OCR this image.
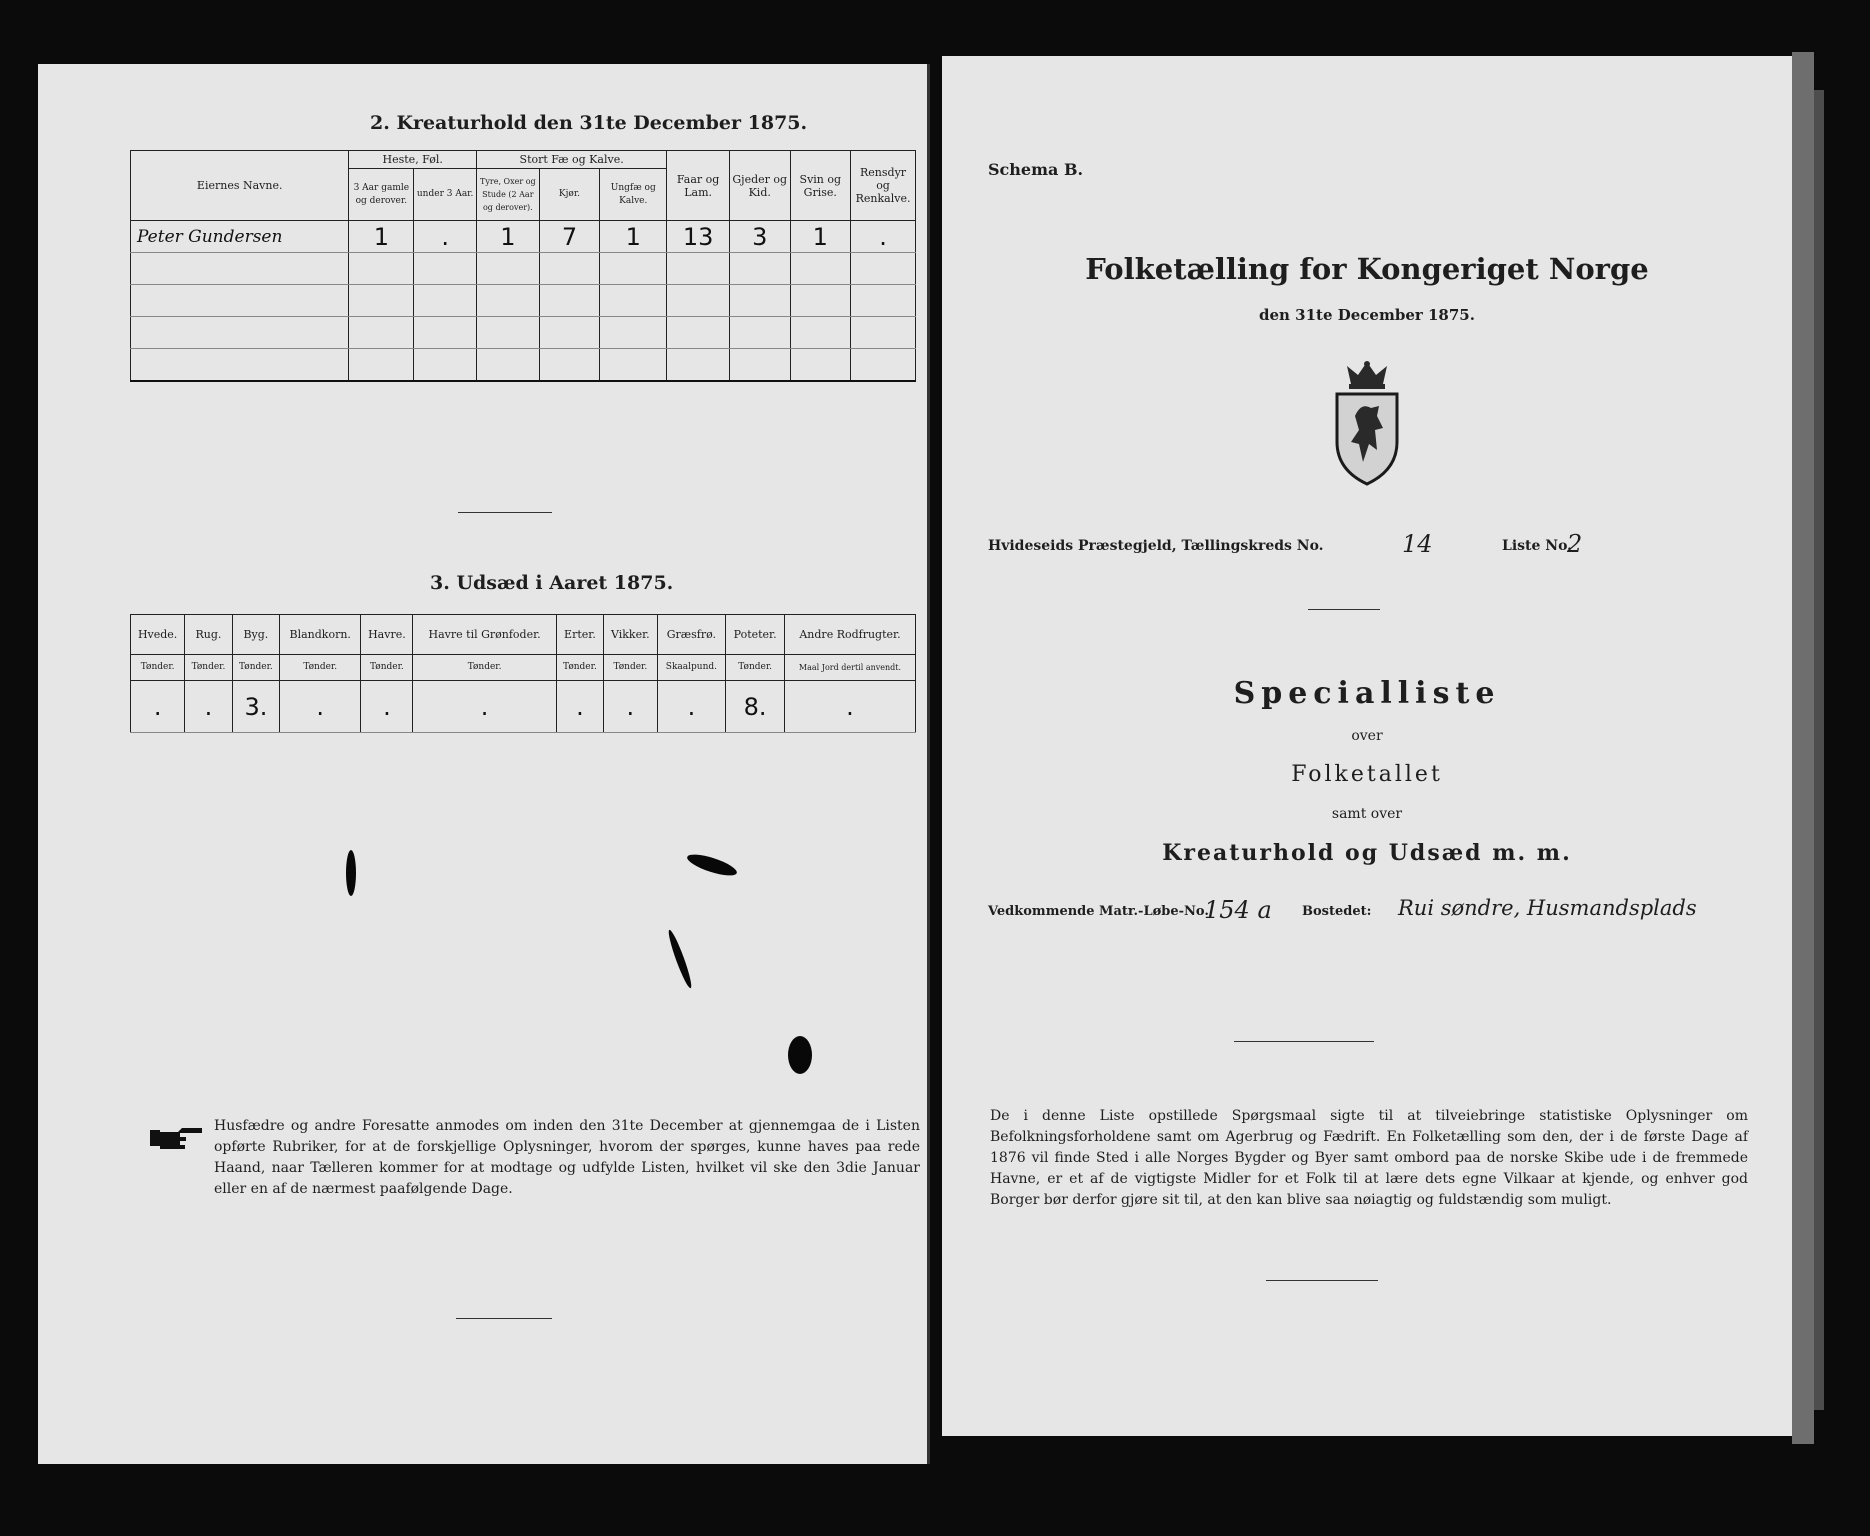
2. Kreaturhold den 31te December 1875.
Eiernes Navne.	Heste, Føl.		Stort Fæ og Kalve.			Faar og Lam.	Gjeder og Kid.	Svin og Grise.	Rensdyr og Renkalve.
	3 Aar gamle og derover.	under 3 Aar.	Tyre, Oxer og Stude (2 Aar og derover).	Kjør.	Ungfæ og Kalve.				
Peter Gundersen	1	.	1	7	1	13	3	1	.

3. Udsæd i Aaret 1875.
Hvede.	Rug.	Byg.	Blandkorn.	Havre.	Havre til Grønfoder.	Erter.	Vikker.	Græsfrø.	Poteter.	Andre Rodfrugter.
Tønder.	Tønder.	Tønder.	Tønder.	Tønder.	Tønder.	Tønder.	Tønder.	Skaalpund.	Tønder.	Maal Jord dertil anvendt.
.	.	3.	.	.	.	.	.	.	8.	.
Husfædre og andre Foresatte anmodes om inden den 31te December at gjennemgaa de i Listen opførte Rubriker, for at de forskjellige Oplysninger, hvorom der spørges, kunne haves paa rede Haand, naar Tælleren kommer for at modtage og udfylde Listen, hvilket vil ske den 3die Januar eller en af de nærmest paafølgende Dage.
Schema B.
Folketælling for Kongeriget Norge
den 31te December 1875.
Hvideseids Præstegjeld, Tællingskreds No.	14	Liste No.
2
Specialliste
over
Folketallet
samt over
Kreaturhold og Udsæd m. m.
Vedkommende Matr.-Løbe-No.
154 a Bostedet: Rui søndre, Husmandsplads
De i denne Liste opstillede Spørgsmaal sigte til at tilveiebringe statistiske Oplysninger om Befolkningsforholdene samt om Agerbrug og Fædrift. En Folketælling som den, der i de første Dage af 1876 vil finde Sted i alle Norges Bygder og Byer samt ombord paa de norske Skibe ude i de fremmede Havne, er et af de vigtigste Midler for et Folk til at lære dets egne Vilkaar at kjende, og enhver god Borger bør derfor gjøre sit til, at den kan blive saa nøiagtig og fuldstændig som muligt.
